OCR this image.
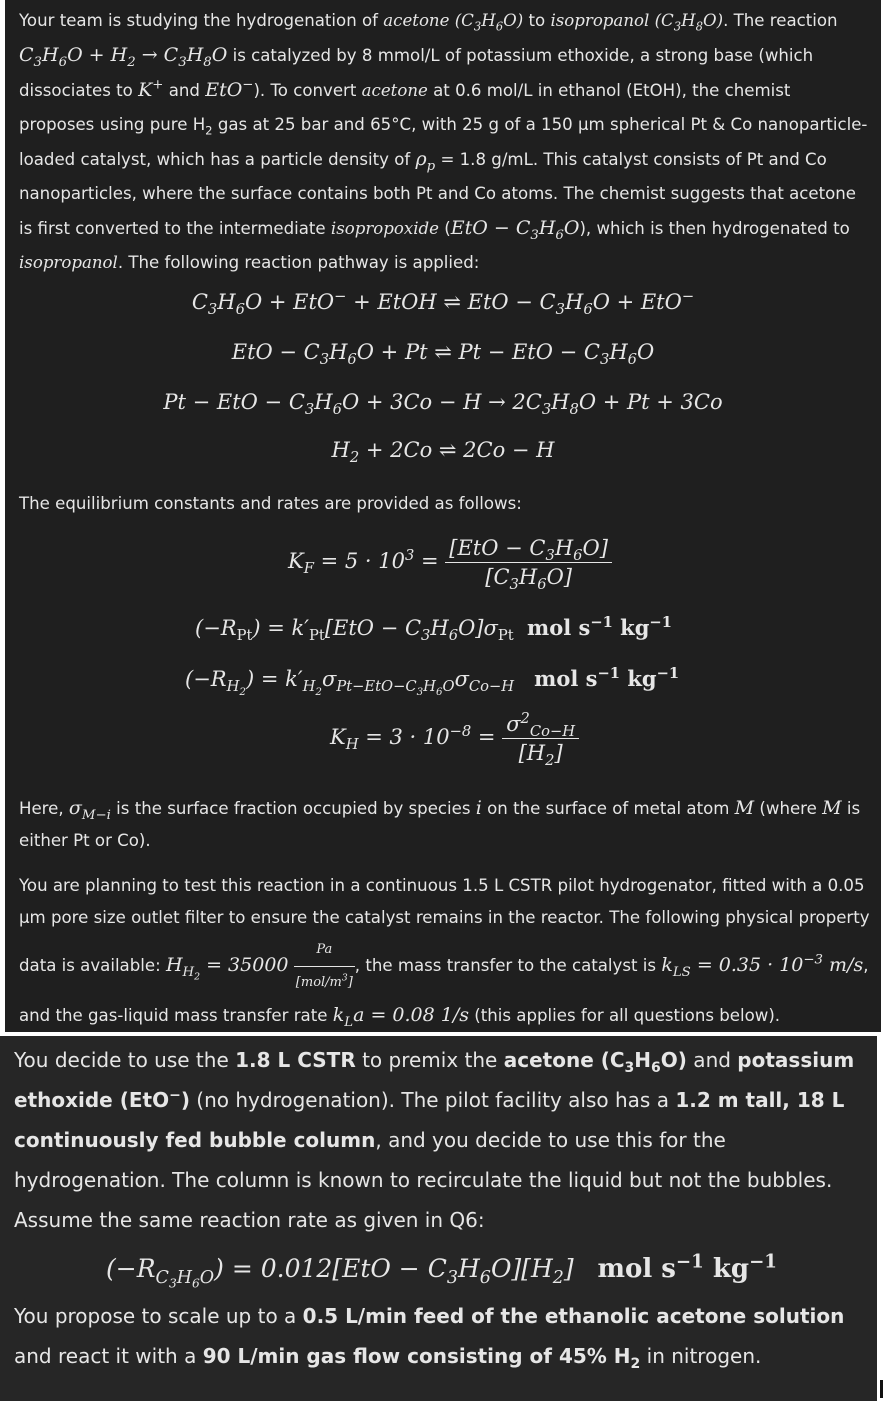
Your team is studying the hydrogenation of acetone $(C_3H_6O)$ to isopropanol $(C_3H_8O)$. The reaction $C_3H_6O + H_2 \to C_3H_8O$ is catalyzed by 8 mmol/L of potassium ethoxide, a strong base (which dissociates to K+ and EtO−). To convert acetone at 0.6 mol/L in ethanol (EtOH), the chemist proposes using pure $H_2$ gas at 25 bar and 65°C, with 25 g of a 150 µm spherical Pt & Co nanoparticle-loaded catalyst, which has a particle density of $\rho_p = 1.8$ g/mL. This catalyst consists of Pt and Co nanoparticles, where the surface contains both Pt and Co atoms. The chemist suggests that acetone is first converted to the intermediate isopropoxide $(EtO - C_3H_6O)$, which is then hydrogenated to isopropanol. The following reaction pathway is applied:

$C_3H_6O + EtO^-$ + EtOH ⇌ EtO − $C_3H_6O + EtO^-$

EtO − $C_3H_6O + Pt$ ⇌ Pt − EtO − $C_3H_6O$

Pt − EtO − $C_3H_6O + 3Co - H \to 2C_3H_8O + Pt + 3Co$

$H_2 + 2Co$ ⇌ 2Co − H

The equilibrium constants and rates are provided as follows:

$K_F = 5 \cdot 10^3 = \frac{[EtO - C_3H_6O]}{[C_3H_6O]}$
$(-R_{Pt}) = k'_{Pt}[EtO - C_3H_6O]\sigma_{Pt}$ mol $s^{-1}$ $kg^{-1}$
$(-R_{H_2}) = k'_{H_2}\sigma_{Pt-EtO-C_3H_6O}\sigma_{Co-H}$ mol $s^{-1}$ $kg^{-1}$
$K_H = 3 \cdot 10^{-8} = \frac{\sigma^2_{Co-H}}{[H_2]}$

Here, $\sigma_{M-i}$ is the surface fraction occupied by species i on the surface of metal atom M (where M is either Pt or Co).

You are planning to test this reaction in a continuous 1.5 L CSTR pilot hydrogenator, fitted with a 0.05 µm pore size outlet filter to ensure the catalyst remains in the reactor. The following physical property data is available: $H_{H_2} = 35000 \frac{Pa}{[mol/m^3]}$ , the mass transfer to the catalyst is $k_{LS} = 0.35 \cdot 10^{-3}$ m/s, and the gas-liquid mass transfer rate $k_La = 0.08$ 1/s (this applies for all questions below).

You decide to use the 1.8 L CSTR to premix the acetone $(C_3H_6O)$ and potassium ethoxide (EtO−) (no hydrogenation). The pilot facility also has a 1.2 m tall, 18 L continuously fed bubble column, and you decide to use this for the hydrogenation. The column is known to recirculate the liquid but not the bubbles. Assume the same reaction rate as given in Q6:

$(-R_{C_3H_6O}) = 0.012[EtO - C_3H_6O][H_2]$   mol $s^{-1}$ $kg^{-1}$

You propose to scale up to a 0.5 L/min feed of the ethanolic acetone solution and react it with a 90 L/min gas flow consisting of 45% $H_2$ in nitrogen.
